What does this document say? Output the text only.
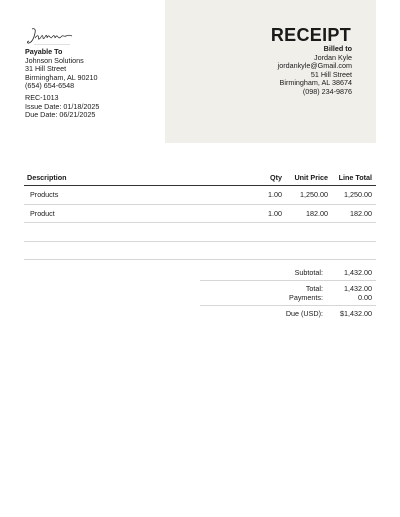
Payable To
Johnson Solutions
31 Hill Street
Birmingham, AL 90210
(654) 654-6548
REC-1013
Issue Date: 01/18/2025
Due Date: 06/21/2025
RECEIPT
Billed to
Jordan Kyle
jordankyle@Gmail.com
51 Hill Street
Birmingham, AL 38674
(098) 234-9876
Description	Qty	Unit Price	Line Total
Products	1.00	1,250.00	1,250.00
Product	1.00	182.00	182.00
Subtotal:	1,432.00
Total:	1,432.00
Payments:	0.00
Due (USD):	$1,432.00
